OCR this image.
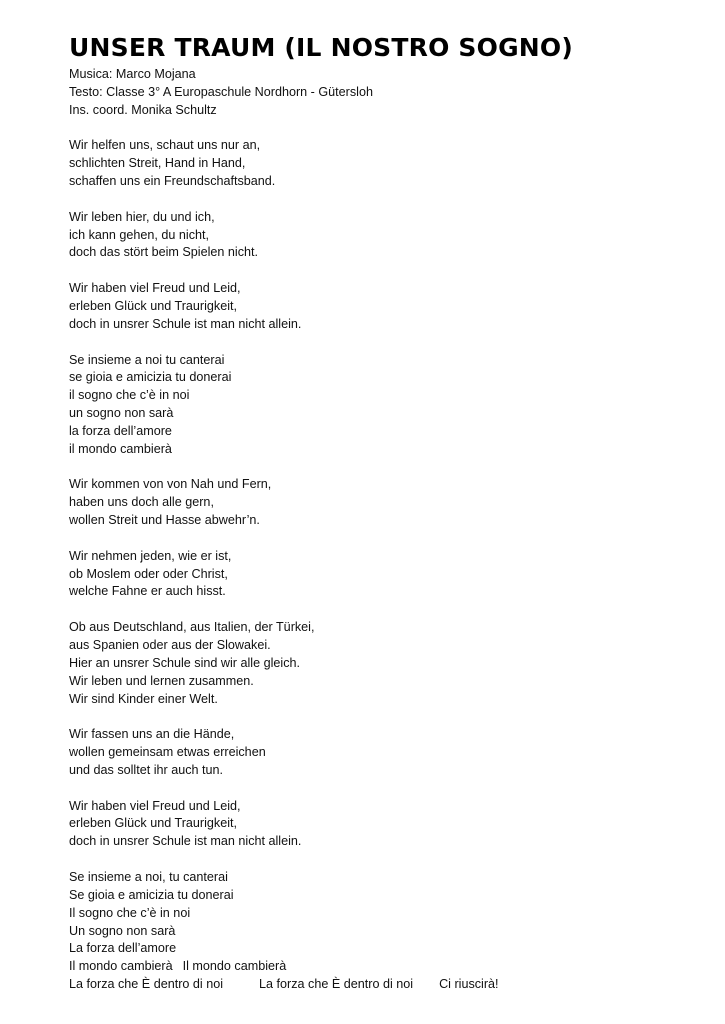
UNSER TRAUM (IL NOSTRO SOGNO)
Musica: Marco Mojana
Testo: Classe 3° A Europaschule Nordhorn - Gütersloh
Ins. coord. Monika Schultz
Wir helfen uns, schaut uns nur an,
schlichten Streit, Hand in Hand,
schaffen uns ein Freundschaftsband.
Wir leben hier, du und ich,
ich kann gehen, du nicht,
doch das stört beim Spielen nicht.
Wir haben viel Freud und Leid,
erleben Glück und Traurigkeit,
doch in unsrer Schule ist man nicht allein.
Se insieme a noi tu canterai
se gioia e amicizia tu donerai
il sogno che c’è in noi
un sogno non sarà
la forza dell’amore
il mondo cambierà
Wir kommen von von Nah und Fern,
haben uns doch alle gern,
wollen Streit und Hasse abwehr’n.
Wir nehmen jeden, wie er ist,
ob Moslem oder oder Christ,
welche Fahne er auch hisst.
Ob aus Deutschland, aus Italien, der Türkei,
aus Spanien oder aus der Slowakei.
Hier an unsrer Schule sind wir alle gleich.
Wir leben und lernen zusammen.
Wir sind Kinder einer Welt.
Wir fassen uns an die Hände,
wollen gemeinsam etwas erreichen
und das solltet ihr auch tun.
Wir haben viel Freud und Leid,
erleben Glück und Traurigkeit,
doch in unsrer Schule ist man nicht allein.
Se insieme a noi, tu canterai
Se gioia e amicizia tu donerai
Il sogno che c’è in noi
Un sogno non sarà
La forza dell’amore
Il mondo cambierà Il mondo cambierà
La forza che È dentro di noi	La forza che È dentro di noi Ci riuscirà!
